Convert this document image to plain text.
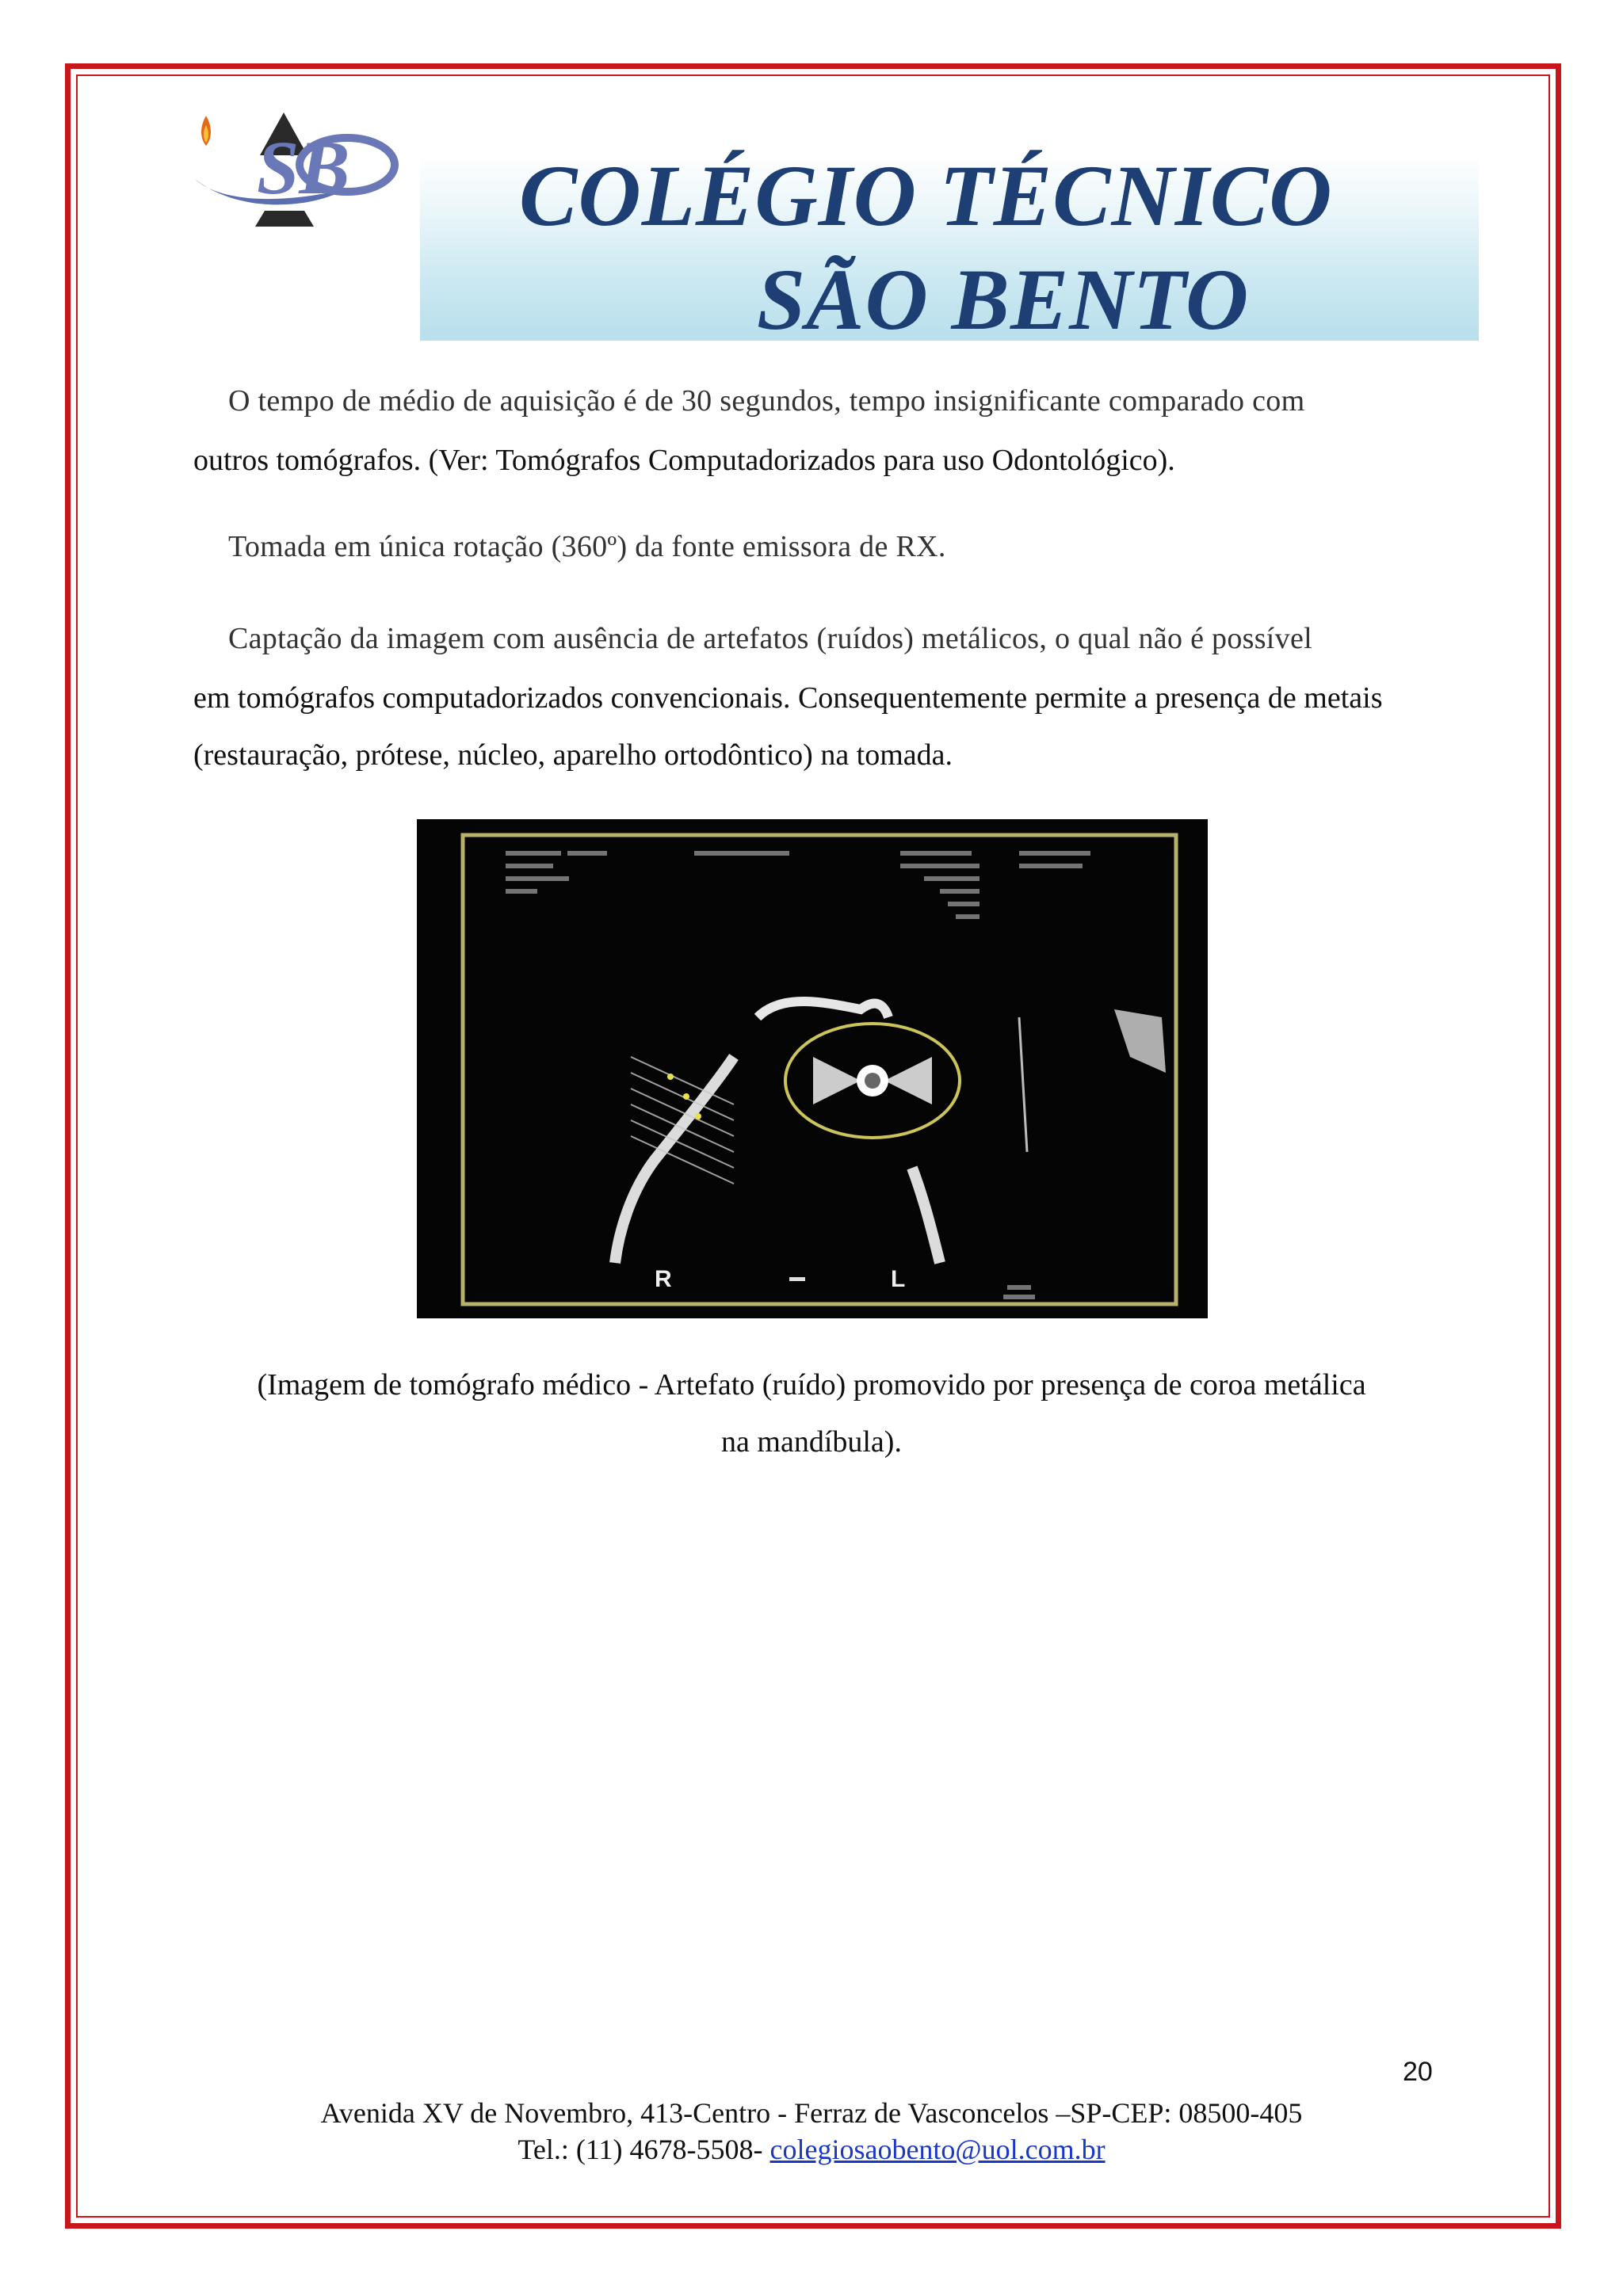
SB COLÉGIO TÉCNICO
SÃO BENTO
O tempo de médio de aquisição é de 30 segundos, tempo insignificante comparado com
outros tomógrafos. (Ver: Tomógrafos Computadorizados para uso Odontológico).
Tomada em única rotação (360º) da fonte emissora de RX.
Captação da imagem com ausência de artefatos (ruídos) metálicos, o qual não é possível
em tomógrafos computadorizados convencionais. Consequentemente permite a presença de metais (restauração, prótese, núcleo, aparelho ortodôntico) na tomada.
R	L
(Imagem de tomógrafo médico - Artefato (ruído) promovido por presença de coroa metálica
na mandíbula).
20
Avenida XV de Novembro, 413-Centro - Ferraz de Vasconcelos –SP-CEP: 08500-405
Tel.: (11) 4678-5508- colegiosaobento@uol.com.br
